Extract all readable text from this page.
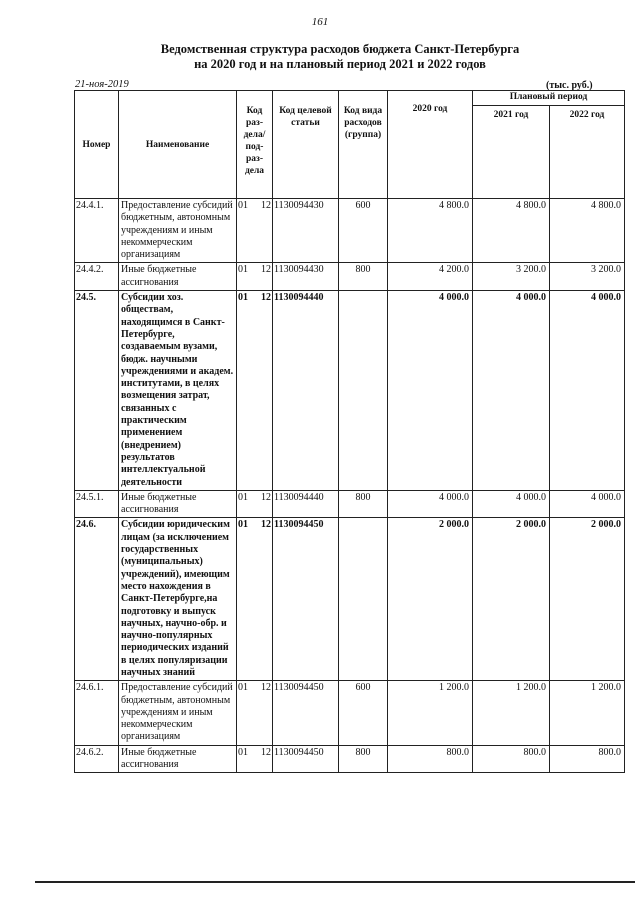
161
Ведомственная структура расходов бюджета Санкт-Петербурга
на 2020 год и на плановый период 2021 и 2022 годов
21-ноя-2019	(тыс. руб.)
Номер	Наименование	Код раз-дела/ под-раз-дела	Код целевой статьи	Код вида расходов (группа)	2020 год	Плановый период	
						2021 год	2022 год
24.4.1.	Предоставление субсидий бюджетным, автономным учреждениям и иным некоммерческим организациям	01 12	1130094430	600	4 800.0	4 800.0	4 800.0
24.4.2.	Иные бюджетные ассигнования	01 12	1130094430	800	4 200.0	3 200.0	3 200.0
24.5.	Субсидии хоз. обществам, находящимся в Санкт-Петербурге, создаваемым вузами, бюдж. научными учреждениями и академ. институтами, в целях возмещения затрат, связанных с практическим применением (внедрением) результатов интеллектуальной деятельности	01 12	1130094440		4 000.0	4 000.0	4 000.0
24.5.1.	Иные бюджетные ассигнования	01 12	1130094440	800	4 000.0	4 000.0	4 000.0
24.6.	Субсидии юридическим лицам (за исключением государственных (муниципальных) учреждений), имеющим место нахождения в Санкт-Петербурге,на подготовку и выпуск научных, научно-обр. и научно-популярных периодических изданий в целях популяризации научных знаний	01 12	1130094450		2 000.0	2 000.0	2 000.0
24.6.1.	Предоставление субсидий бюджетным, автономным учреждениям и иным некоммерческим организациям	01 12	1130094450	600	1 200.0	1 200.0	1 200.0
24.6.2.	Иные бюджетные ассигнования	01 12	1130094450	800	800.0	800.0	800.0
